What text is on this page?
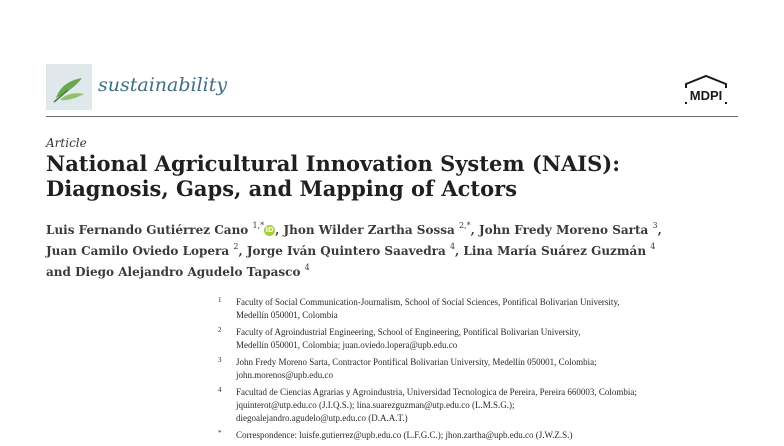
sustainability	MDPI
Article
National Agricultural Innovation System (NAIS): Diagnosis, Gaps, and Mapping of Actors
Luis Fernando Gutiérrez Cano $^{1,*}$iD, Jhon Wilder Zartha Sossa $^{2,*}$, John Fredy Moreno Sarta $^3$,
Juan Camilo Oviedo Lopera $^2$, Jorge Iván Quintero Saavedra $^4$, Lina María Suárez Guzmán $^4$
and Diego Alejandro Agudelo Tapasco $^4$
1 Faculty of Social Communication-Journalism, School of Social Sciences, Pontifical Bolivarian University,
Medellín 050001, Colombia
2 Faculty of Agroindustrial Engineering, School of Engineering, Pontifical Bolivarian University,
Medellín 050001, Colombia; juan.oviedo.lopera@upb.edu.co
3 John Fredy Moreno Sarta, Contractor Pontifical Bolivarian University, Medellín 050001, Colombia;
john.morenos@upb.edu.co
4 Facultad de Ciencias Agrarias y Agroindustria, Universidad Tecnologica de Pereira, Pereira 660003, Colombia;
jquinterot@utp.edu.co (J.I.Q.S.); lina.suarezguzman@utp.edu.co (L.M.S.G.);
diegoalejandro.agudelo@utp.edu.co (D.A.A.T.)
* Correspondence: luisfe.gutierrez@upb.edu.co (L.F.G.C.); jhon.zartha@upb.edu.co (J.W.Z.S.)
